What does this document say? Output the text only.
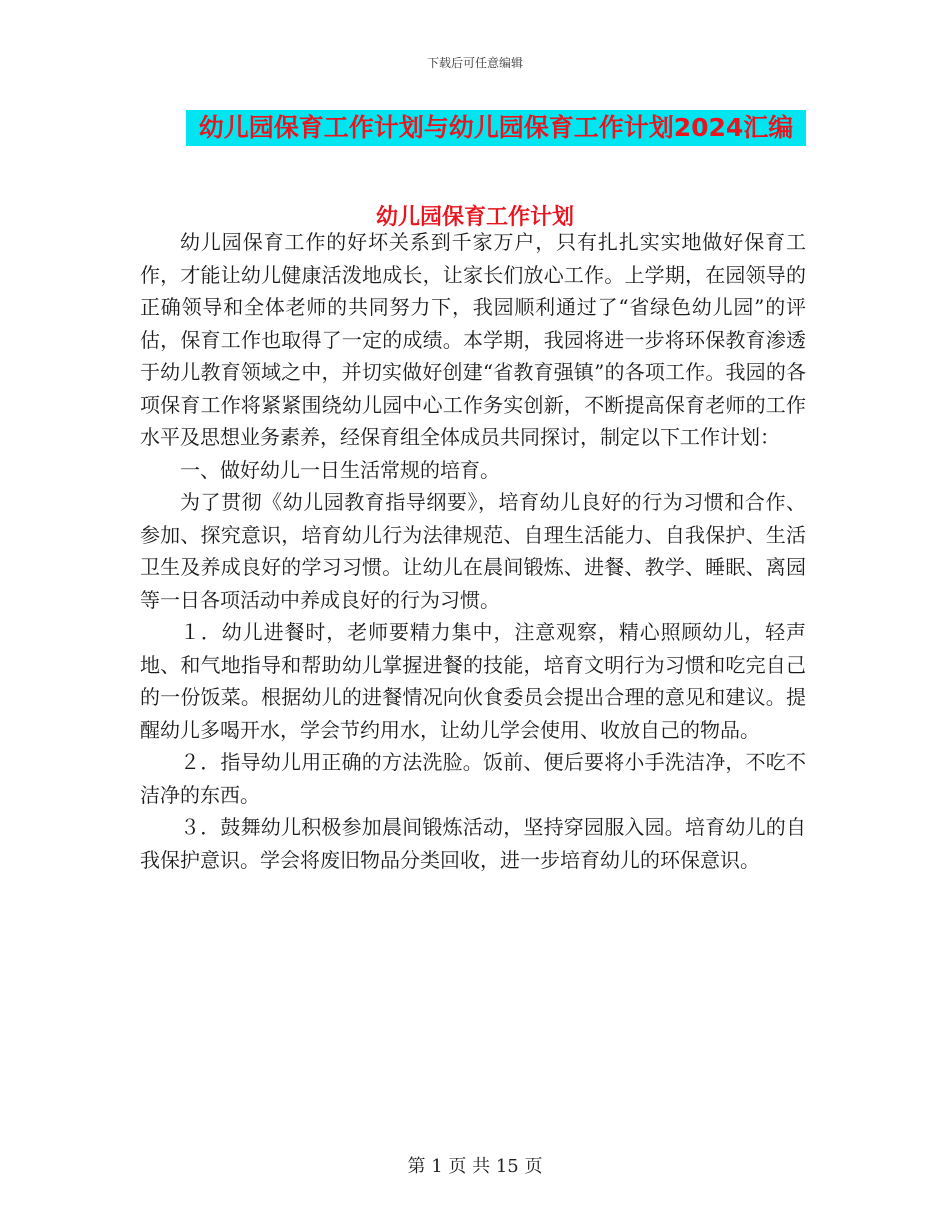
下载后可任意编辑
幼儿园保育工作计划与幼儿园保育工作计划2024汇编
幼儿园保育工作计划

幼儿园保育工作的好坏关系到千家万户，只有扎扎实实地做好保育工作，才能让幼儿健康活泼地成长，让家长们放心工作。上学期，在园领导的正确领导和全体老师的共同努力下，我园顺利通过了“省绿色幼儿园”的评估，保育工作也取得了一定的成绩。本学期，我园将进一步将环保教育渗透于幼儿教育领域之中，并切实做好创建“省教育强镇”的各项工作。我园的各项保育工作将紧紧围绕幼儿园中心工作务实创新，不断提高保育老师的工作水平及思想业务素养，经保育组全体成员共同探讨，制定以下工作计划：

一、做好幼儿一日生活常规的培育。

为了贯彻《幼儿园教育指导纲要》，培育幼儿良好的行为习惯和合作、参加、探究意识，培育幼儿行为法律规范、自理生活能力、自我保护、生活卫生及养成良好的学习习惯。让幼儿在晨间锻炼、进餐、教学、睡眠、离园等一日各项活动中养成良好的行为习惯。

１．幼儿进餐时，老师要精力集中，注意观察，精心照顾幼儿，轻声地、和气地指导和帮助幼儿掌握进餐的技能，培育文明行为习惯和吃完自己的一份饭菜。根据幼儿的进餐情况向伙食委员会提出合理的意见和建议。提醒幼儿多喝开水，学会节约用水，让幼儿学会使用、收放自己的物品。

２．指导幼儿用正确的方法洗脸。饭前、便后要将小手洗洁净，不吃不洁净的东西。

３．鼓舞幼儿积极参加晨间锻炼活动，坚持穿园服入园。培育幼儿的自我保护意识。学会将废旧物品分类回收，进一步培育幼儿的环保意识。

第 1 页 共 15 页
